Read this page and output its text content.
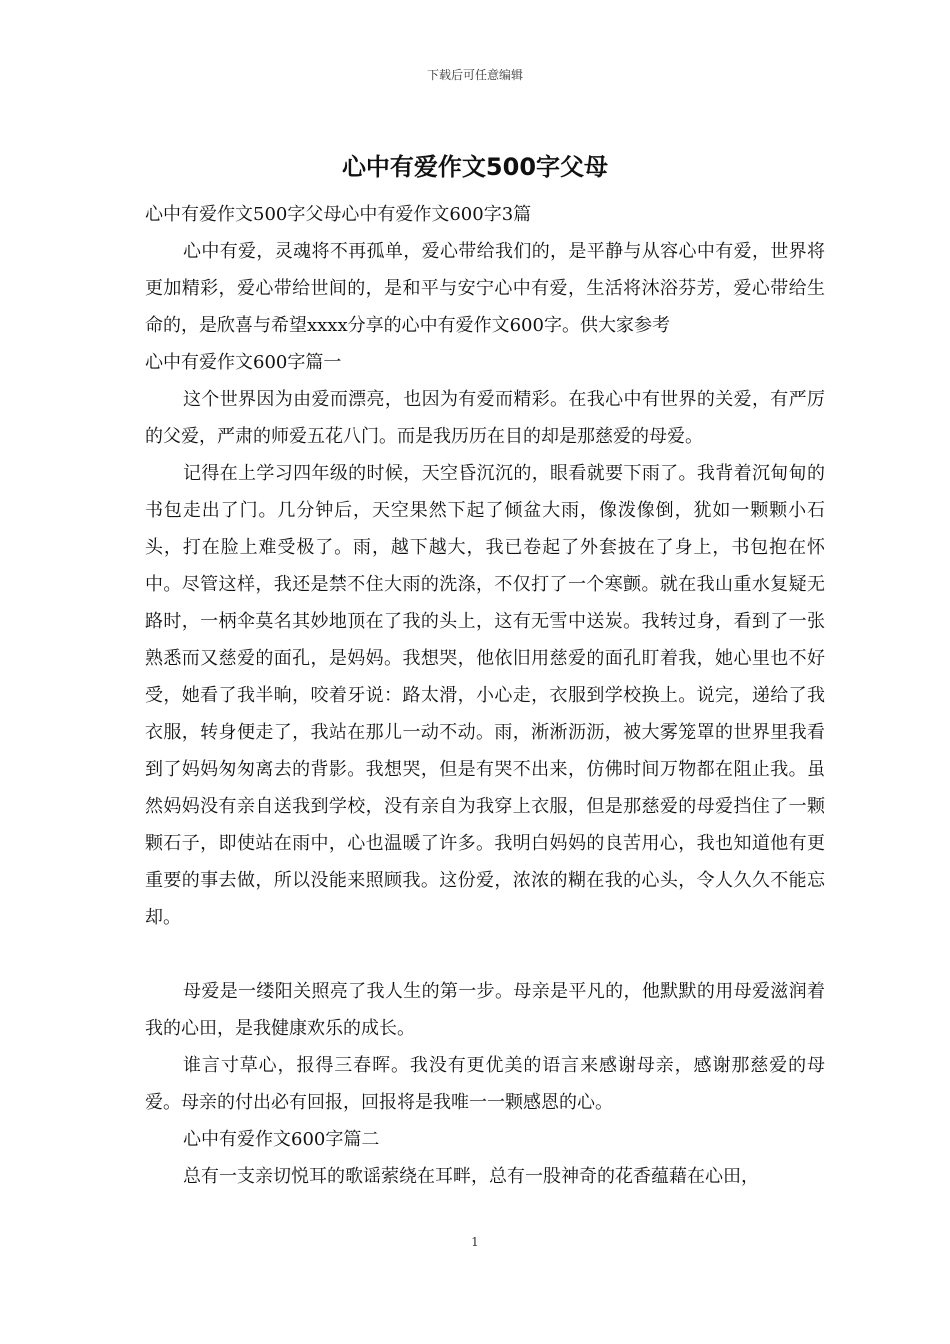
下载后可任意编辑
心中有爱作文500字父母

心中有爱作文500字父母心中有爱作文600字3篇

心中有爱，灵魂将不再孤单，爱心带给我们的，是平静与从容心中有爱，世界将更加精彩，爱心带给世间的，是和平与安宁心中有爱，生活将沐浴芬芳，爱心带给生命的，是欣喜与希望xxxx分享的心中有爱作文600字。供大家参考

心中有爱作文600字篇一

这个世界因为由爱而漂亮，也因为有爱而精彩。在我心中有世界的关爱，有严厉的父爱，严肃的师爱五花八门。而是我历历在目的却是那慈爱的母爱。

记得在上学习四年级的时候，天空昏沉沉的，眼看就要下雨了。我背着沉甸甸的书包走出了门。几分钟后，天空果然下起了倾盆大雨，像泼像倒，犹如一颗颗小石头，打在脸上难受极了。雨，越下越大，我已卷起了外套披在了身上，书包抱在怀中。尽管这样，我还是禁不住大雨的洗涤，不仅打了一个寒颤。就在我山重水复疑无路时，一柄伞莫名其妙地顶在了我的头上，这有无雪中送炭。我转过身，看到了一张熟悉而又慈爱的面孔，是妈妈。我想哭，他依旧用慈爱的面孔盯着我，她心里也不好受，她看了我半晌，咬着牙说：路太滑，小心走，衣服到学校换上。说完，递给了我衣服，转身便走了，我站在那儿一动不动。雨，淅淅沥沥，被大雾笼罩的世界里我看到了妈妈匆匆离去的背影。我想哭，但是有哭不出来，仿佛时间万物都在阻止我。虽然妈妈没有亲自送我到学校，没有亲自为我穿上衣服，但是那慈爱的母爱挡住了一颗颗石子，即使站在雨中，心也温暖了许多。我明白妈妈的良苦用心，我也知道他有更重要的事去做，所以没能来照顾我。这份爱，浓浓的糊在我的心头，令人久久不能忘却。

母爱是一缕阳关照亮了我人生的第一步。母亲是平凡的，他默默的用母爱滋润着我的心田，是我健康欢乐的成长。

谁言寸草心，报得三春晖。我没有更优美的语言来感谢母亲，感谢那慈爱的母爱。母亲的付出必有回报，回报将是我唯一一颗感恩的心。

心中有爱作文600字篇二

总有一支亲切悦耳的歌谣萦绕在耳畔，总有一股神奇的花香蕴藉在心田，

1
